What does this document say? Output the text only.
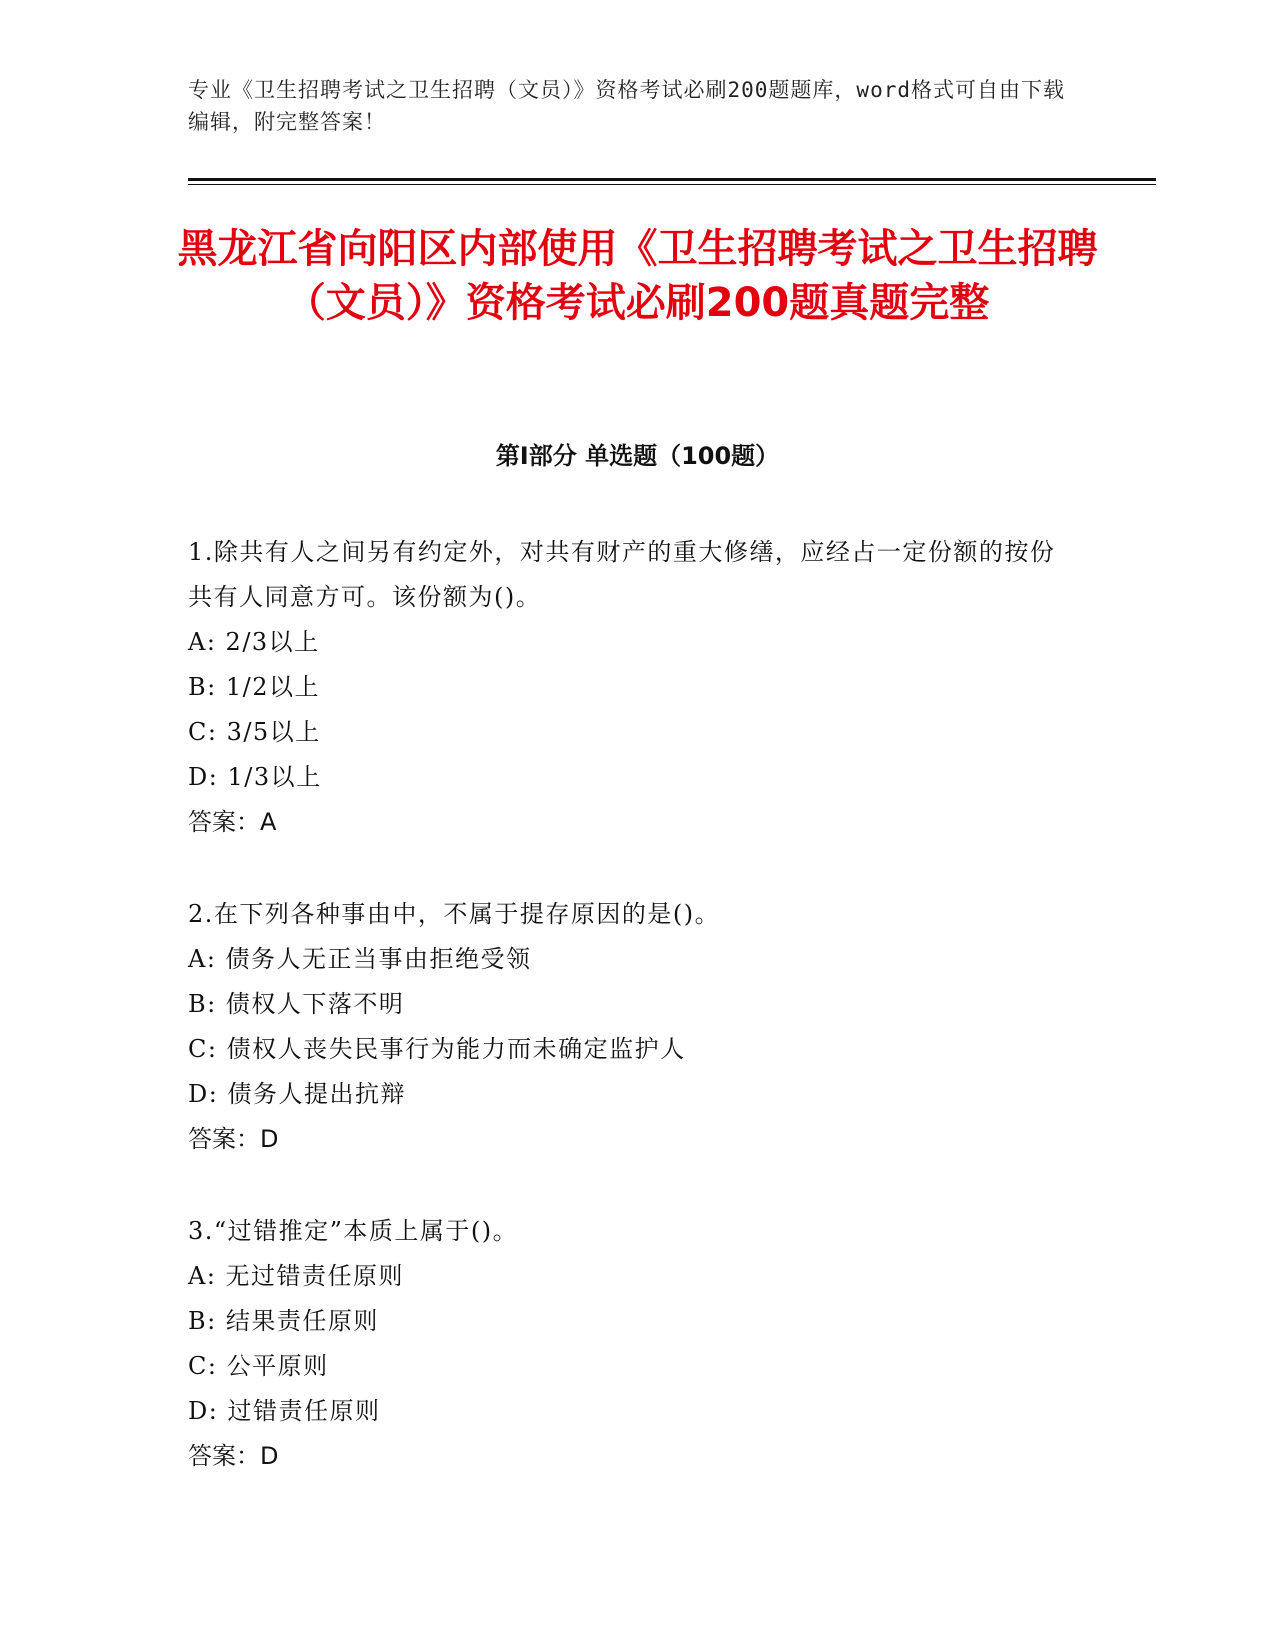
专业《卫生招聘考试之卫生招聘（文员）》资格考试必刷200题题库，word格式可自由下载编辑，附完整答案！
黑龙江省向阳区内部使用《卫生招聘考试之卫生招聘（文员）》资格考试必刷200题真题完整
第I部分 单选题（100题）
1.除共有人之间另有约定外，对共有财产的重大修缮，应经占一定份额的按份共有人同意方可。该份额为()。
A: 2/3以上
B: 1/2以上
C: 3/5以上
D: 1/3以上
答案：A
2.在下列各种事由中，不属于提存原因的是()。
A: 债务人无正当事由拒绝受领
B: 债权人下落不明
C: 债权人丧失民事行为能力而未确定监护人
D: 债务人提出抗辩
答案：D
3.“过错推定”本质上属于()。
A: 无过错责任原则
B: 结果责任原则
C: 公平原则
D: 过错责任原则
答案：D
